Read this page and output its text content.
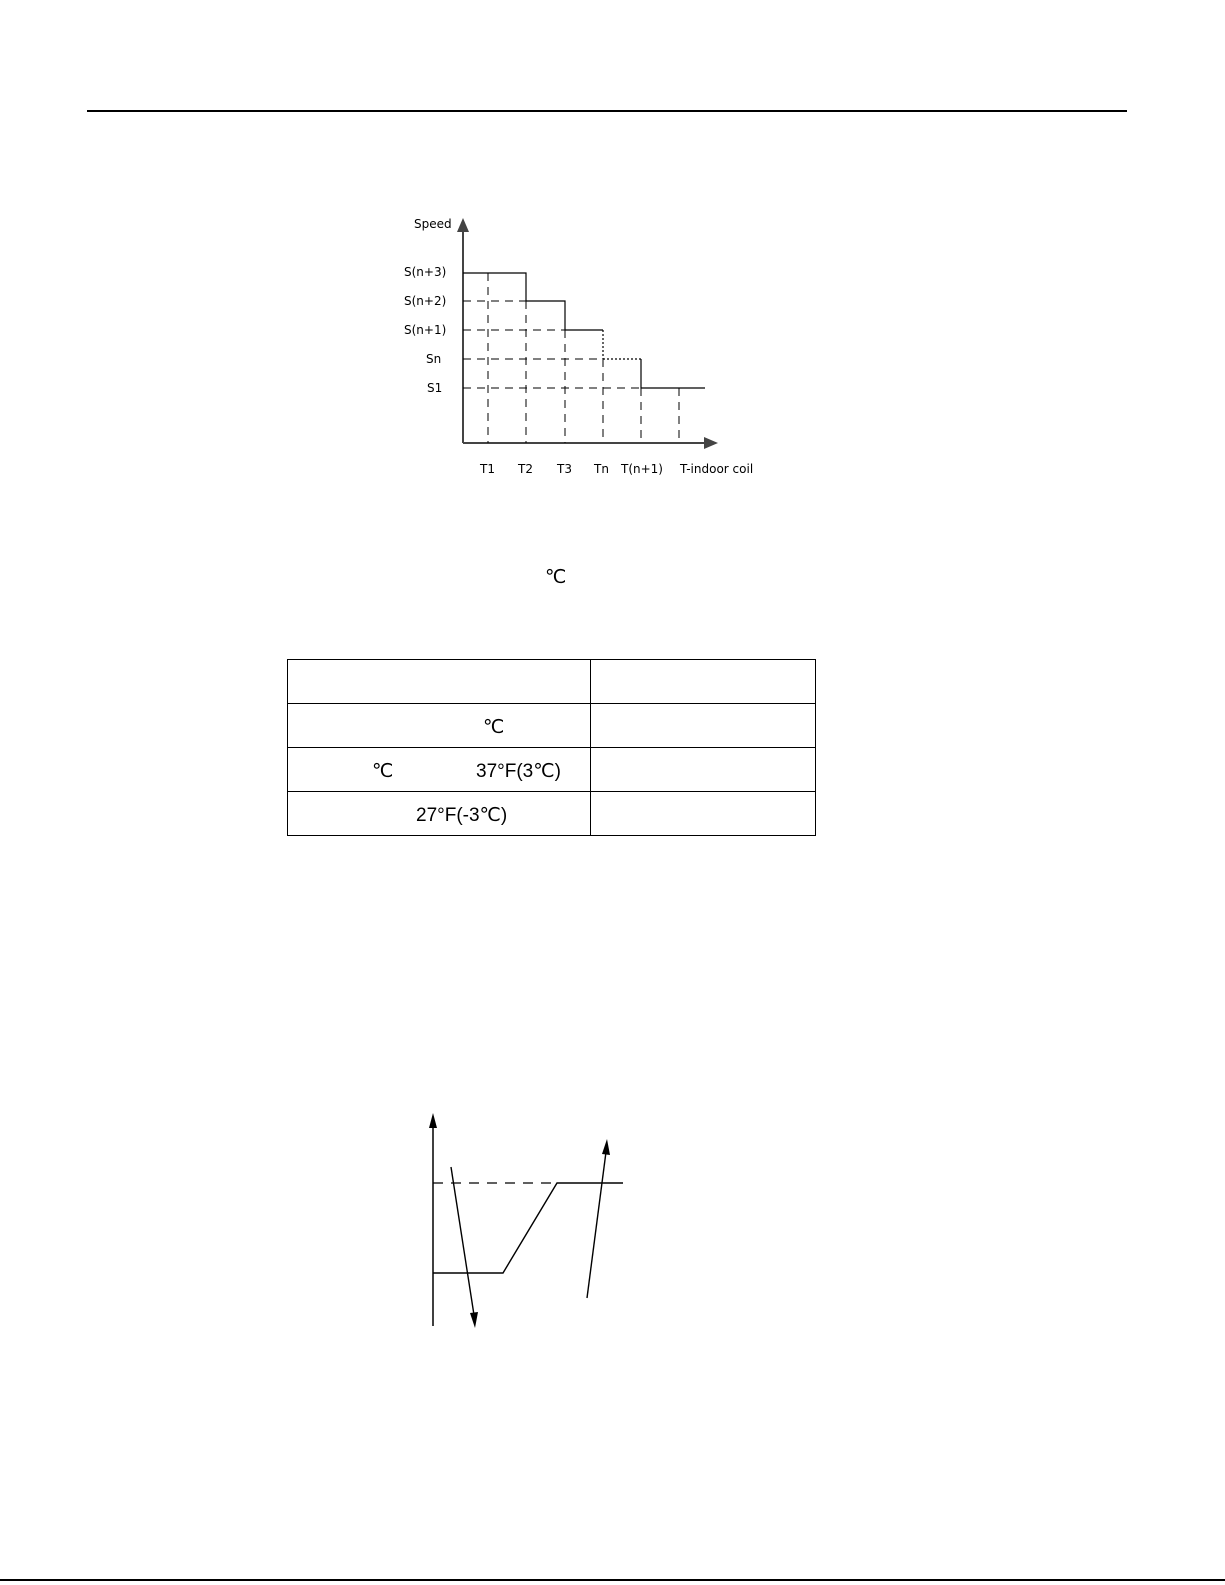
Speed
S(n+3)
S(n+2)
S(n+1)
Sn
S1
T1 T2 T3 Tn T(n+1) T-indoor coil
℃

℃	

℃ 37°F(3℃)	

27°F(-3℃)	
